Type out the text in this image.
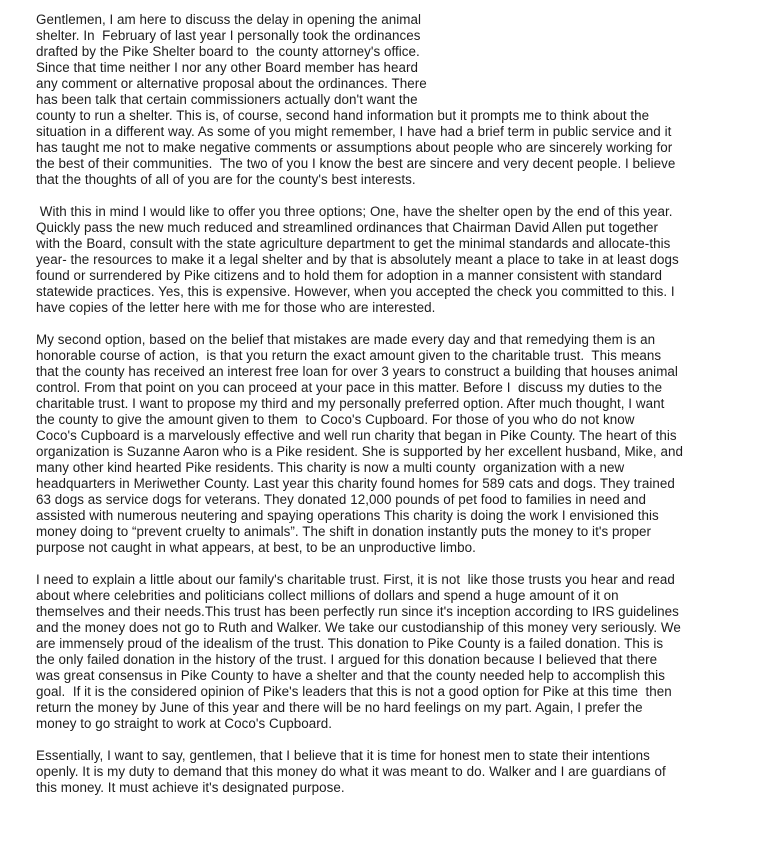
Gentlemen, I am here to discuss the delay in opening the animal
shelter. In  February of last year I personally took the ordinances
drafted by the Pike Shelter board to  the county attorney's office.
Since that time neither I nor any other Board member has heard
any comment or alternative proposal about the ordinances. There
has been talk that certain commissioners actually don't want the
county to run a shelter. This is, of course, second hand information but it prompts me to think about the
situation in a different way. As some of you might remember, I have had a brief term in public service and it
has taught me not to make negative comments or assumptions about people who are sincerely working for
the best of their communities.  The two of you I know the best are sincere and very decent people. I believe
that the thoughts of all of you are for the county's best interests.
With this in mind I would like to offer you three options; One, have the shelter open by the end of this year.
Quickly pass the new much reduced and streamlined ordinances that Chairman David Allen put together
with the Board, consult with the state agriculture department to get the minimal standards and allocate-this
year- the resources to make it a legal shelter and by that is absolutely meant a place to take in at least dogs
found or surrendered by Pike citizens and to hold them for adoption in a manner consistent with standard
statewide practices. Yes, this is expensive. However, when you accepted the check you committed to this. I
have copies of the letter here with me for those who are interested.
My second option, based on the belief that mistakes are made every day and that remedying them is an
honorable course of action,  is that you return the exact amount given to the charitable trust.  This means
that the county has received an interest free loan for over 3 years to construct a building that houses animal
control. From that point on you can proceed at your pace in this matter. Before I  discuss my duties to the
charitable trust. I want to propose my third and my personally preferred option. After much thought, I want
the county to give the amount given to them  to Coco's Cupboard. For those of you who do not know
Coco's Cupboard is a marvelously effective and well run charity that began in Pike County. The heart of this
organization is Suzanne Aaron who is a Pike resident. She is supported by her excellent husband, Mike, and
many other kind hearted Pike residents. This charity is now a multi county  organization with a new
headquarters in Meriwether County. Last year this charity found homes for 589 cats and dogs. They trained
63 dogs as service dogs for veterans. They donated 12,000 pounds of pet food to families in need and
assisted with numerous neutering and spaying operations This charity is doing the work I envisioned this
money doing to “prevent cruelty to animals”. The shift in donation instantly puts the money to it's proper
purpose not caught in what appears, at best, to be an unproductive limbo.
I need to explain a little about our family's charitable trust. First, it is not  like those trusts you hear and read
about where celebrities and politicians collect millions of dollars and spend a huge amount of it on
themselves and their needs.This trust has been perfectly run since it's inception according to IRS guidelines
and the money does not go to Ruth and Walker. We take our custodianship of this money very seriously. We
are immensely proud of the idealism of the trust. This donation to Pike County is a failed donation. This is
the only failed donation in the history of the trust. I argued for this donation because I believed that there
was great consensus in Pike County to have a shelter and that the county needed help to accomplish this
goal.  If it is the considered opinion of Pike's leaders that this is not a good option for Pike at this time  then
return the money by June of this year and there will be no hard feelings on my part. Again, I prefer the
money to go straight to work at Coco's Cupboard.
Essentially, I want to say, gentlemen, that I believe that it is time for honest men to state their intentions
openly. It is my duty to demand that this money do what it was meant to do. Walker and I are guardians of
this money. It must achieve it's designated purpose.
